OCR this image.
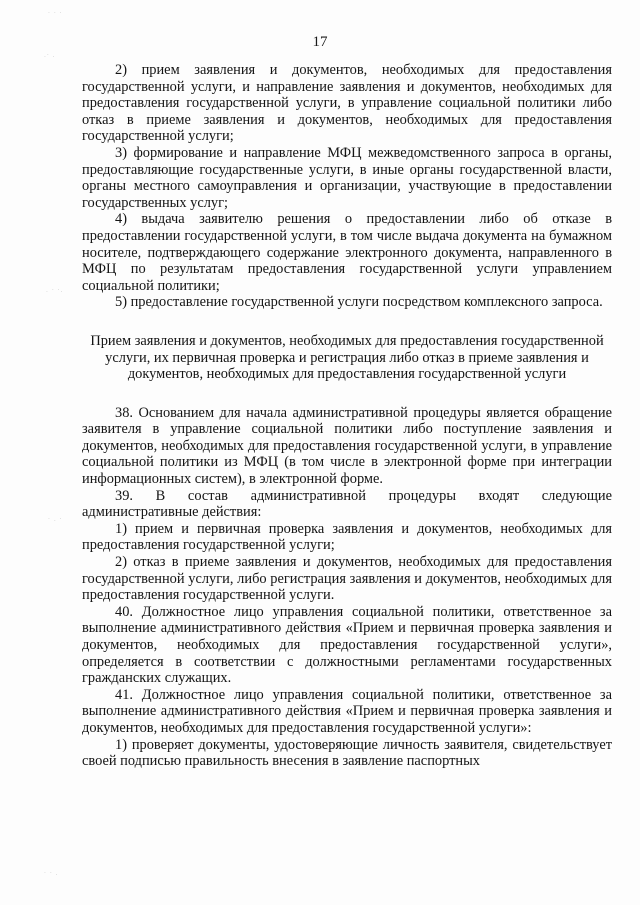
· · ·
.· .
. · ·.
· . ·
· · .
17

2) прием заявления и документов, необходимых для предоставления государственной услуги, и направление заявления и документов, необходимых для предоставления государственной услуги, в управление социальной политики либо отказ в приеме заявления и документов, необходимых для предоставления государственной услуги;

3) формирование и направление МФЦ межведомственного запроса в органы, предоставляющие государственные услуги, в иные органы государственной власти, органы местного самоуправления и организации, участвующие в предоставлении государственных услуг;

4) выдача заявителю решения о предоставлении либо об отказе в предоставлении государственной услуги, в том числе выдача документа на бумажном носителе, подтверждающего содержание электронного документа, направленного в МФЦ по результатам предоставления государственной услуги управлением социальной политики;

5) предоставление государственной услуги посредством комплексного запроса.

Прием заявления и документов, необходимых для предоставления государственной услуги, их первичная проверка и регистрация либо отказ в приеме заявления и документов, необходимых для предоставления государственной услуги

38. Основанием для начала административной процедуры является обращение заявителя в управление социальной политики либо поступление заявления и документов, необходимых для предоставления государственной услуги, в управление социальной политики из МФЦ (в том числе в электронной форме при интеграции информационных систем), в электронной форме.

39. В состав административной процедуры входят следующие административные действия:

1) прием и первичная проверка заявления и документов, необходимых для предоставления государственной услуги;

2) отказ в приеме заявления и документов, необходимых для предоставления государственной услуги, либо регистрация заявления и документов, необходимых для предоставления государственной услуги.

40. Должностное лицо управления социальной политики, ответственное за выполнение административного действия «Прием и первичная проверка заявления и документов, необходимых для предоставления государственной услуги», определяется в соответствии с должностными регламентами государственных гражданских служащих.

41. Должностное лицо управления социальной политики, ответственное за выполнение административного действия «Прием и первичная проверка заявления и документов, необходимых для предоставления государственной услуги»:

1) проверяет документы, удостоверяющие личность заявителя, свидетельствует своей подписью правильность внесения в заявление паспортных
